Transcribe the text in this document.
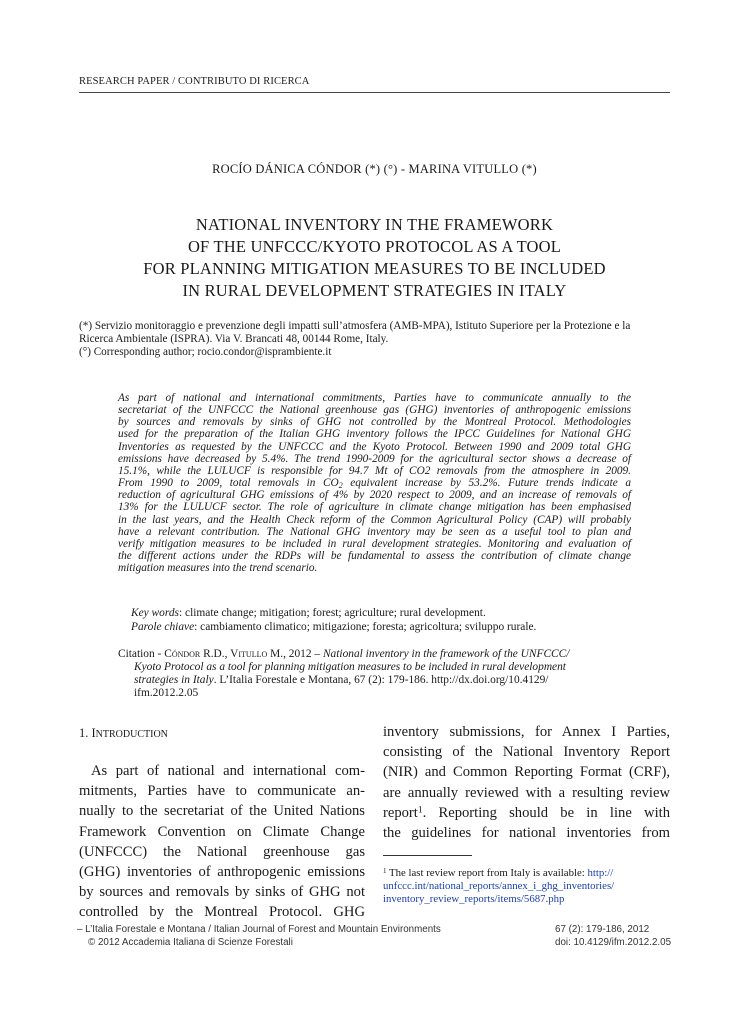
RESEARCH PAPER / CONTRIBUTO DI RICERCA
ROCÍO DÁNICA CÓNDOR (*) (°) - MARINA VITULLO (*)
NATIONAL INVENTORY IN THE FRAMEWORK
OF THE UNFCCC/KYOTO PROTOCOL AS A TOOL
FOR PLANNING MITIGATION MEASURES TO BE INCLUDED
IN RURAL DEVELOPMENT STRATEGIES IN ITALY
(*) Servizio monitoraggio e prevenzione degli impatti sull’atmosfera (AMB-MPA), Istituto Superiore per la Protezione e la
Ricerca Ambientale (ISPRA). Via V. Brancati 48, 00144 Rome, Italy.
(°) Corresponding author; rocio.condor@isprambiente.it
As part of national and international commitments, Parties have to communicate annually to the
secretariat of the UNFCCC the National greenhouse gas (GHG) inventories of anthropogenic emissions
by sources and removals by sinks of GHG not controlled by the Montreal Protocol. Methodologies
used for the preparation of the Italian GHG inventory follows the IPCC Guidelines for National GHG
Inventories as requested by the UNFCCC and the Kyoto Protocol. Between 1990 and 2009 total GHG
emissions have decreased by 5.4%. The trend 1990-2009 for the agricultural sector shows a decrease of
15.1%, while the LULUCF is responsible for 94.7 Mt of CO2 removals from the atmosphere in 2009.
From 1990 to 2009, total removals in $CO_2$ equivalent increase by 53.2%. Future trends indicate a
reduction of agricultural GHG emissions of 4% by 2020 respect to 2009, and an increase of removals of
13% for the LULUCF sector. The role of agriculture in climate change mitigation has been emphasised
in the last years, and the Health Check reform of the Common Agricultural Policy (CAP) will probably
have a relevant contribution. The National GHG inventory may be seen as a useful tool to plan and
verify mitigation measures to be included in rural development strategies. Monitoring and evaluation of
the different actions under the RDPs will be fundamental to assess the contribution of climate change
mitigation measures into the trend scenario.
Key words: climate change; mitigation; forest; agriculture; rural development.
Parole chiave: cambiamento climatico; mitigazione; foresta; agricoltura; sviluppo rurale.
Citation - Cóndor R.D., Vitullo M., 2012 – National inventory in the framework of the UNFCCC/
Kyoto Protocol as a tool for planning mitigation measures to be included in rural development
strategies in Italy. L’Italia Forestale e Montana, 67 (2): 179-186. http://dx.doi.org/10.4129/
ifm.2012.2.05
1. INTRODUCTION
As part of national and international com-
mitments, Parties have to communicate an-
nually to the secretariat of the United Nations
Framework Convention on Climate Change
(UNFCCC) the National greenhouse gas
(GHG) inventories of anthropogenic emissions
by sources and removals by sinks of GHG not
controlled by the Montreal Protocol. GHG
inventory submissions, for Annex I Parties,
consisting of the National Inventory Report
(NIR) and Common Reporting Format (CRF),
are annually reviewed with a resulting review
report$^1$. Reporting should be in line with
the guidelines for national inventories from
$^1$ The last review report from Italy is available: http://
unfccc.int/national_reports/annex_i_ghg_inventories/
inventory_review_reports/items/5687.php
– L’Italia Forestale e Montana / Italian Journal of Forest and Mountain Environments
© 2012 Accademia Italiana di Scienze Forestali
67 (2): 179-186, 2012
doi: 10.4129/ifm.2012.2.05
